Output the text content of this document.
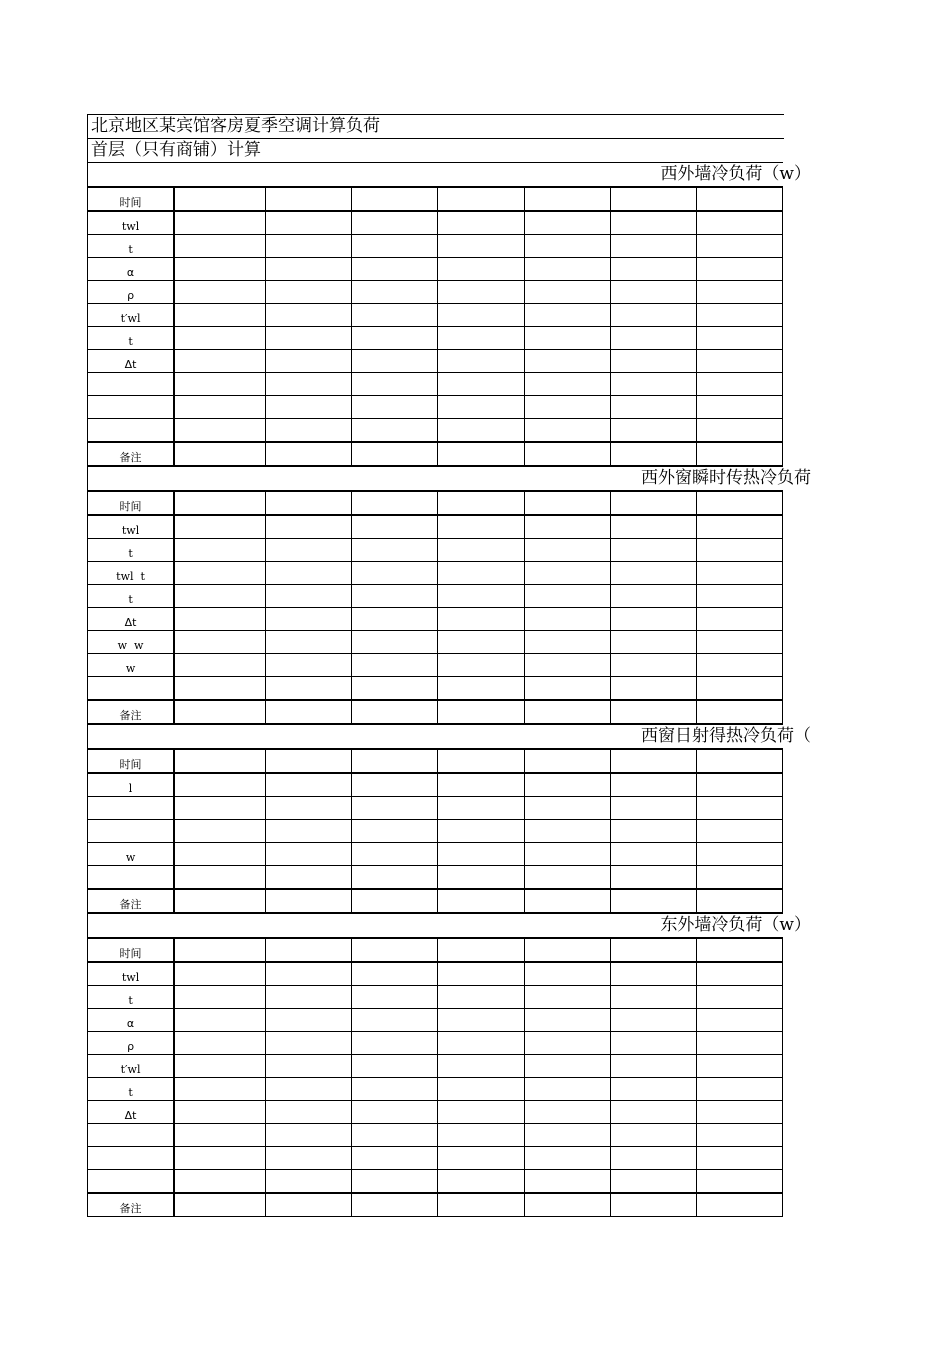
北京地区某宾馆客房夏季空调计算负荷
首层（只有商铺）计算
西外墙冷负荷（w）
时间							
twl							
t							
α							
ρ							
t′wl							
t							
Δt							

备注							
西外窗瞬时传热冷负荷
时间							
twl							
t							
twl  t							
t							
Δt							
w  w							
w							

备注							
西窗日射得热冷负荷（
时间							
l							

w							

备注							
东外墙冷负荷（w）
时间							
twl							
t							
α							
ρ							
t′wl							
t							
Δt							

备注							
